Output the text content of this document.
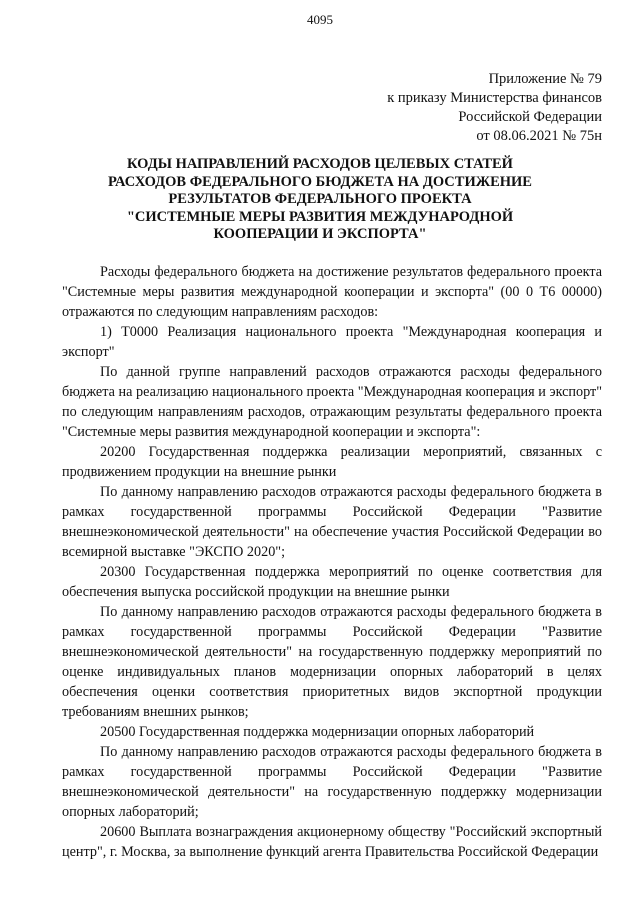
4095
Приложение № 79
к приказу Министерства финансов
Российской Федерации
от 08.06.2021 № 75н
КОДЫ НАПРАВЛЕНИЙ РАСХОДОВ ЦЕЛЕВЫХ СТАТЕЙ
РАСХОДОВ ФЕДЕРАЛЬНОГО БЮДЖЕТА НА ДОСТИЖЕНИЕ
РЕЗУЛЬТАТОВ ФЕДЕРАЛЬНОГО ПРОЕКТА
"СИСТЕМНЫЕ МЕРЫ РАЗВИТИЯ МЕЖДУНАРОДНОЙ
КООПЕРАЦИИ И ЭКСПОРТА"

Расходы федерального бюджета на достижение результатов федерального проекта "Системные меры развития международной кооперации и экспорта" (00 0 Т6 00000) отражаются по следующим направлениям расходов:

1) Т0000 Реализация национального проекта "Международная кооперация и экспорт"

По данной группе направлений расходов отражаются расходы федерального бюджета на реализацию национального проекта "Международная кооперация и экспорт" по следующим направлениям расходов, отражающим результаты федерального проекта "Системные меры развития международной кооперации и экспорта":

20200 Государственная поддержка реализации мероприятий, связанных с продвижением продукции на внешние рынки

По данному направлению расходов отражаются расходы федерального бюджета в рамках государственной программы Российской Федерации "Развитие внешнеэкономической деятельности" на обеспечение участия Российской Федерации во всемирной выставке "ЭКСПО 2020";

20300 Государственная поддержка мероприятий по оценке соответствия для обеспечения выпуска российской продукции на внешние рынки

По данному направлению расходов отражаются расходы федерального бюджета в рамках государственной программы Российской Федерации "Развитие внешнеэкономической деятельности" на государственную поддержку мероприятий по оценке индивидуальных планов модернизации опорных лабораторий в целях обеспечения оценки соответствия приоритетных видов экспортной продукции требованиям внешних рынков;

20500 Государственная поддержка модернизации опорных лабораторий

По данному направлению расходов отражаются расходы федерального бюджета в рамках государственной программы Российской Федерации "Развитие внешнеэкономической деятельности" на государственную поддержку модернизации опорных лабораторий;

20600 Выплата вознаграждения акционерному обществу "Российский экспортный центр", г. Москва, за выполнение функций агента Правительства Российской Федерации
